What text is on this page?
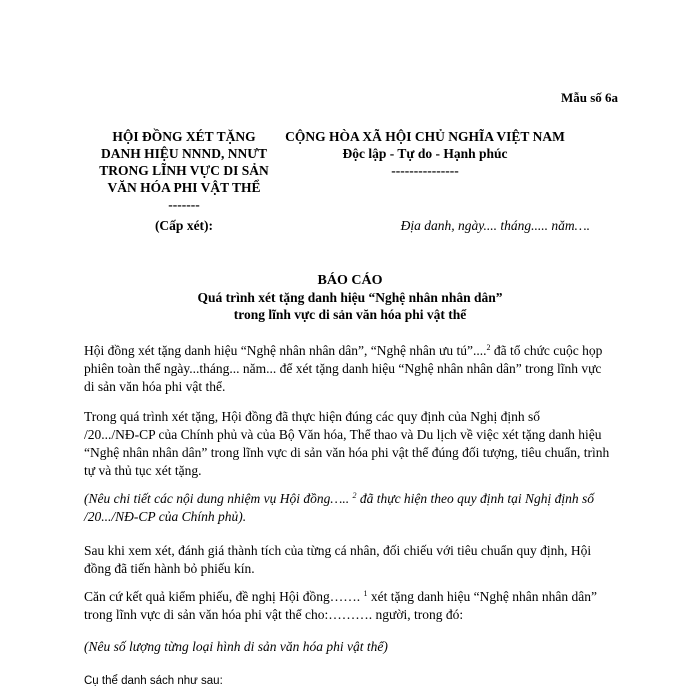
Mẫu số 6a
HỘI ĐỒNG XÉT TẶNG
DANH HIỆU NNND, NNƯT
TRONG LĨNH VỰC DI SẢN
VĂN HÓA PHI VẬT THỂ
-------
(Cấp xét):
CỘNG HÒA XÃ HỘI CHỦ NGHĨA VIỆT NAM
Độc lập - Tự do - Hạnh phúc
---------------
Địa danh, ngày.... tháng..... năm….
BÁO CÁO
Quá trình xét tặng danh hiệu “Nghệ nhân nhân dân”
trong lĩnh vực di sản văn hóa phi vật thể
Hội đồng xét tặng danh hiệu “Nghệ nhân nhân dân”, “Nghệ nhân ưu tú”....$^2$ đã tổ chức cuộc họp
phiên toàn thể ngày...tháng... năm... để xét tặng danh hiệu “Nghệ nhân nhân dân” trong lĩnh vực
di sản văn hóa phi vật thể.
Trong quá trình xét tặng, Hội đồng đã thực hiện đúng các quy định của Nghị định số
/20.../NĐ-CP của Chính phủ và của Bộ Văn hóa, Thể thao và Du lịch về việc xét tặng danh hiệu
“Nghệ nhân nhân dân” trong lĩnh vực di sản văn hóa phi vật thể đúng đối tượng, tiêu chuẩn, trình
tự và thủ tục xét tặng.
(Nêu chi tiết các nội dung nhiệm vụ Hội đồng….. $^2$ đã thực hiện theo quy định tại Nghị định số
/20.../NĐ-CP của Chính phủ).
Sau khi xem xét, đánh giá thành tích của từng cá nhân, đối chiếu với tiêu chuẩn quy định, Hội
đồng đã tiến hành bỏ phiếu kín.
Căn cứ kết quả kiểm phiếu, đề nghị Hội đồng……. $^1$ xét tặng danh hiệu “Nghệ nhân nhân dân”
trong lĩnh vực di sản văn hóa phi vật thể cho:………. người, trong đó:
(Nêu số lượng từng loại hình di sản văn hóa phi vật thể)
Cụ thể danh sách như sau:
